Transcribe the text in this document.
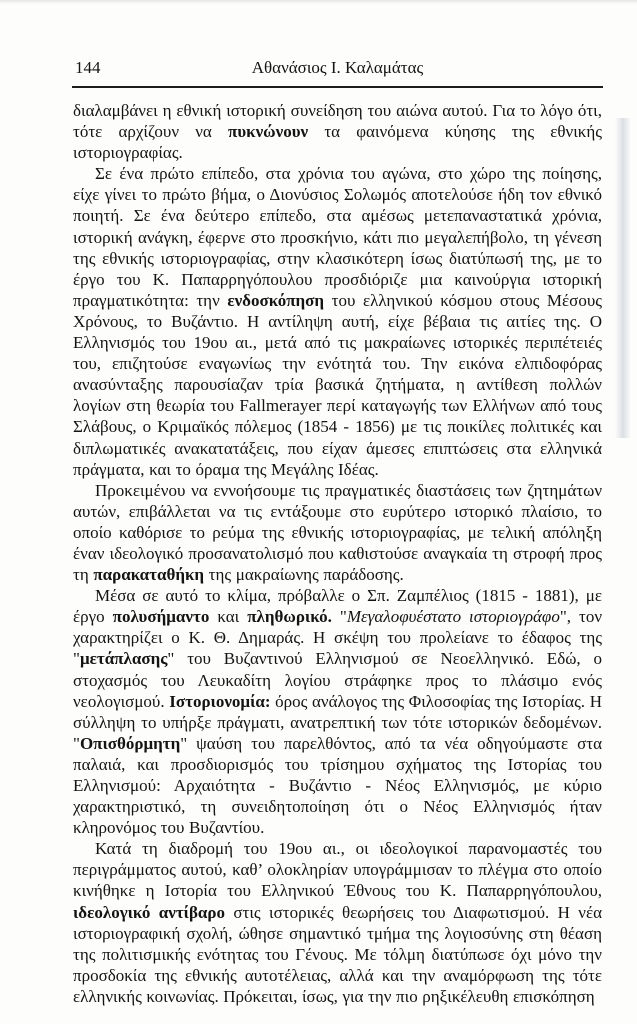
144	Αθανάσιος Ι. Καλαμάτας

διαλαμβάνει η εθνική ιστορική συνείδηση του αιώνα αυτού. Για το λόγο ότι, τότε αρχίζουν να πυκνώνουν τα φαινόμενα κύησης της εθνικής ιστοριογραφίας.

Σε ένα πρώτο επίπεδο, στα χρόνια του αγώνα, στο χώρο της ποίησης, είχε γίνει το πρώτο βήμα, ο Διονύσιος Σολωμός αποτελούσε ήδη τον εθνικό ποιητή. Σε ένα δεύτερο επίπεδο, στα αμέσως μετεπαναστατικά χρόνια, ιστορική ανάγκη, έφερνε στο προσκήνιο, κάτι πιο μεγαλεπήβολο, τη γένεση της εθνικής ιστοριογραφίας, στην κλασικότερη ίσως διατύπωσή της, με το έργο του Κ. Παπαρρηγόπουλου προσδιόριζε μια καινούργια ιστορική πραγματικότητα: την ενδοσκόπηση του ελληνικού κόσμου στους Μέσους Χρόνους, το Βυζάντιο. Η αντίληψη αυτή, είχε βέβαια τις αιτίες της. Ο Ελληνισμός του 19ου αι., μετά από τις μακραίωνες ιστορικές περιπέτειές του, επιζητούσε εναγωνίως την ενότητά του. Την εικόνα ελπιδοφόρας ανασύνταξης παρουσίαζαν τρία βασικά ζητήματα, η αντίθεση πολλών λογίων στη θεωρία του Fallmerayer περί καταγωγής των Ελλήνων από τους Σλάβους, ο Κριμαϊκός πόλεμος (1854 - 1856) με τις ποικίλες πολιτικές και διπλωματικές ανακατατάξεις, που είχαν άμεσες επιπτώσεις στα ελληνικά πράγματα, και το όραμα της Μεγάλης Ιδέας.

Προκειμένου να εννοήσουμε τις πραγματικές διαστάσεις των ζητημάτων αυτών, επιβάλλεται να τις εντάξουμε στο ευρύτερο ιστορικό πλαίσιο, το οποίο καθόρισε το ρεύμα της εθνικής ιστοριογραφίας, με τελική απόληξη έναν ιδεολογικό προσανατολισμό που καθιστούσε αναγκαία τη στροφή προς τη παρακαταθήκη της μακραίωνης παράδοσης.

Μέσα σε αυτό το κλίμα, πρόβαλλε ο Σπ. Ζαμπέλιος (1815 - 1881), με έργο πολυσήμαντο και πληθωρικό. "Μεγαλοφυέστατο ιστοριογράφο", τον χαρακτηρίζει ο Κ. Θ. Δημαράς. Η σκέψη του προλείανε το έδαφος της "μετάπλασης" του Βυζαντινού Ελληνισμού σε Νεοελληνικό. Εδώ, ο στοχασμός του Λευκαδίτη λογίου στράφηκε προς το πλάσιμο ενός νεολογισμού. Ιστοριονομία: όρος ανάλογος της Φιλοσοφίας της Ιστορίας. Η σύλληψη το υπήρξε πράγματι, ανατρεπτική των τότε ιστορικών δεδομένων. "Οπισθόρμητη" ψαύση του παρελθόντος, από τα νέα οδηγούμαστε στα παλαιά, και προσδιορισμός του τρίσημου σχήματος της Ιστορίας του Ελληνισμού: Αρχαιότητα - Βυζάντιο - Νέος Ελληνισμός, με κύριο χαρακτηριστικό, τη συνειδητοποίηση ότι ο Νέος Ελληνισμός ήταν κληρονόμος του Βυζαντίου.

Κατά τη διαδρομή του 19ου αι., οι ιδεολογικοί παρανομαστές του περιγράμματος αυτού, καθ’ ολοκληρίαν υπογράμμισαν το πλέγμα στο οποίο κινήθηκε η Ιστορία του Ελληνικού Έθνους του Κ. Παπαρρηγόπουλου, ιδεολογικό αντίβαρο στις ιστορικές θεωρήσεις του Διαφωτισμού. Η νέα ιστοριογραφική σχολή, ώθησε σημαντικό τμήμα της λογιοσύνης στη θέαση της πολιτισμικής ενότητας του Γένους. Με τόλμη διατύπωσε όχι μόνο την προσδοκία της εθνικής αυτοτέλειας, αλλά και την αναμόρφωση της τότε ελληνικής κοινωνίας. Πρόκειται, ίσως, για την πιο ρηξικέλευθη επισκόπηση
